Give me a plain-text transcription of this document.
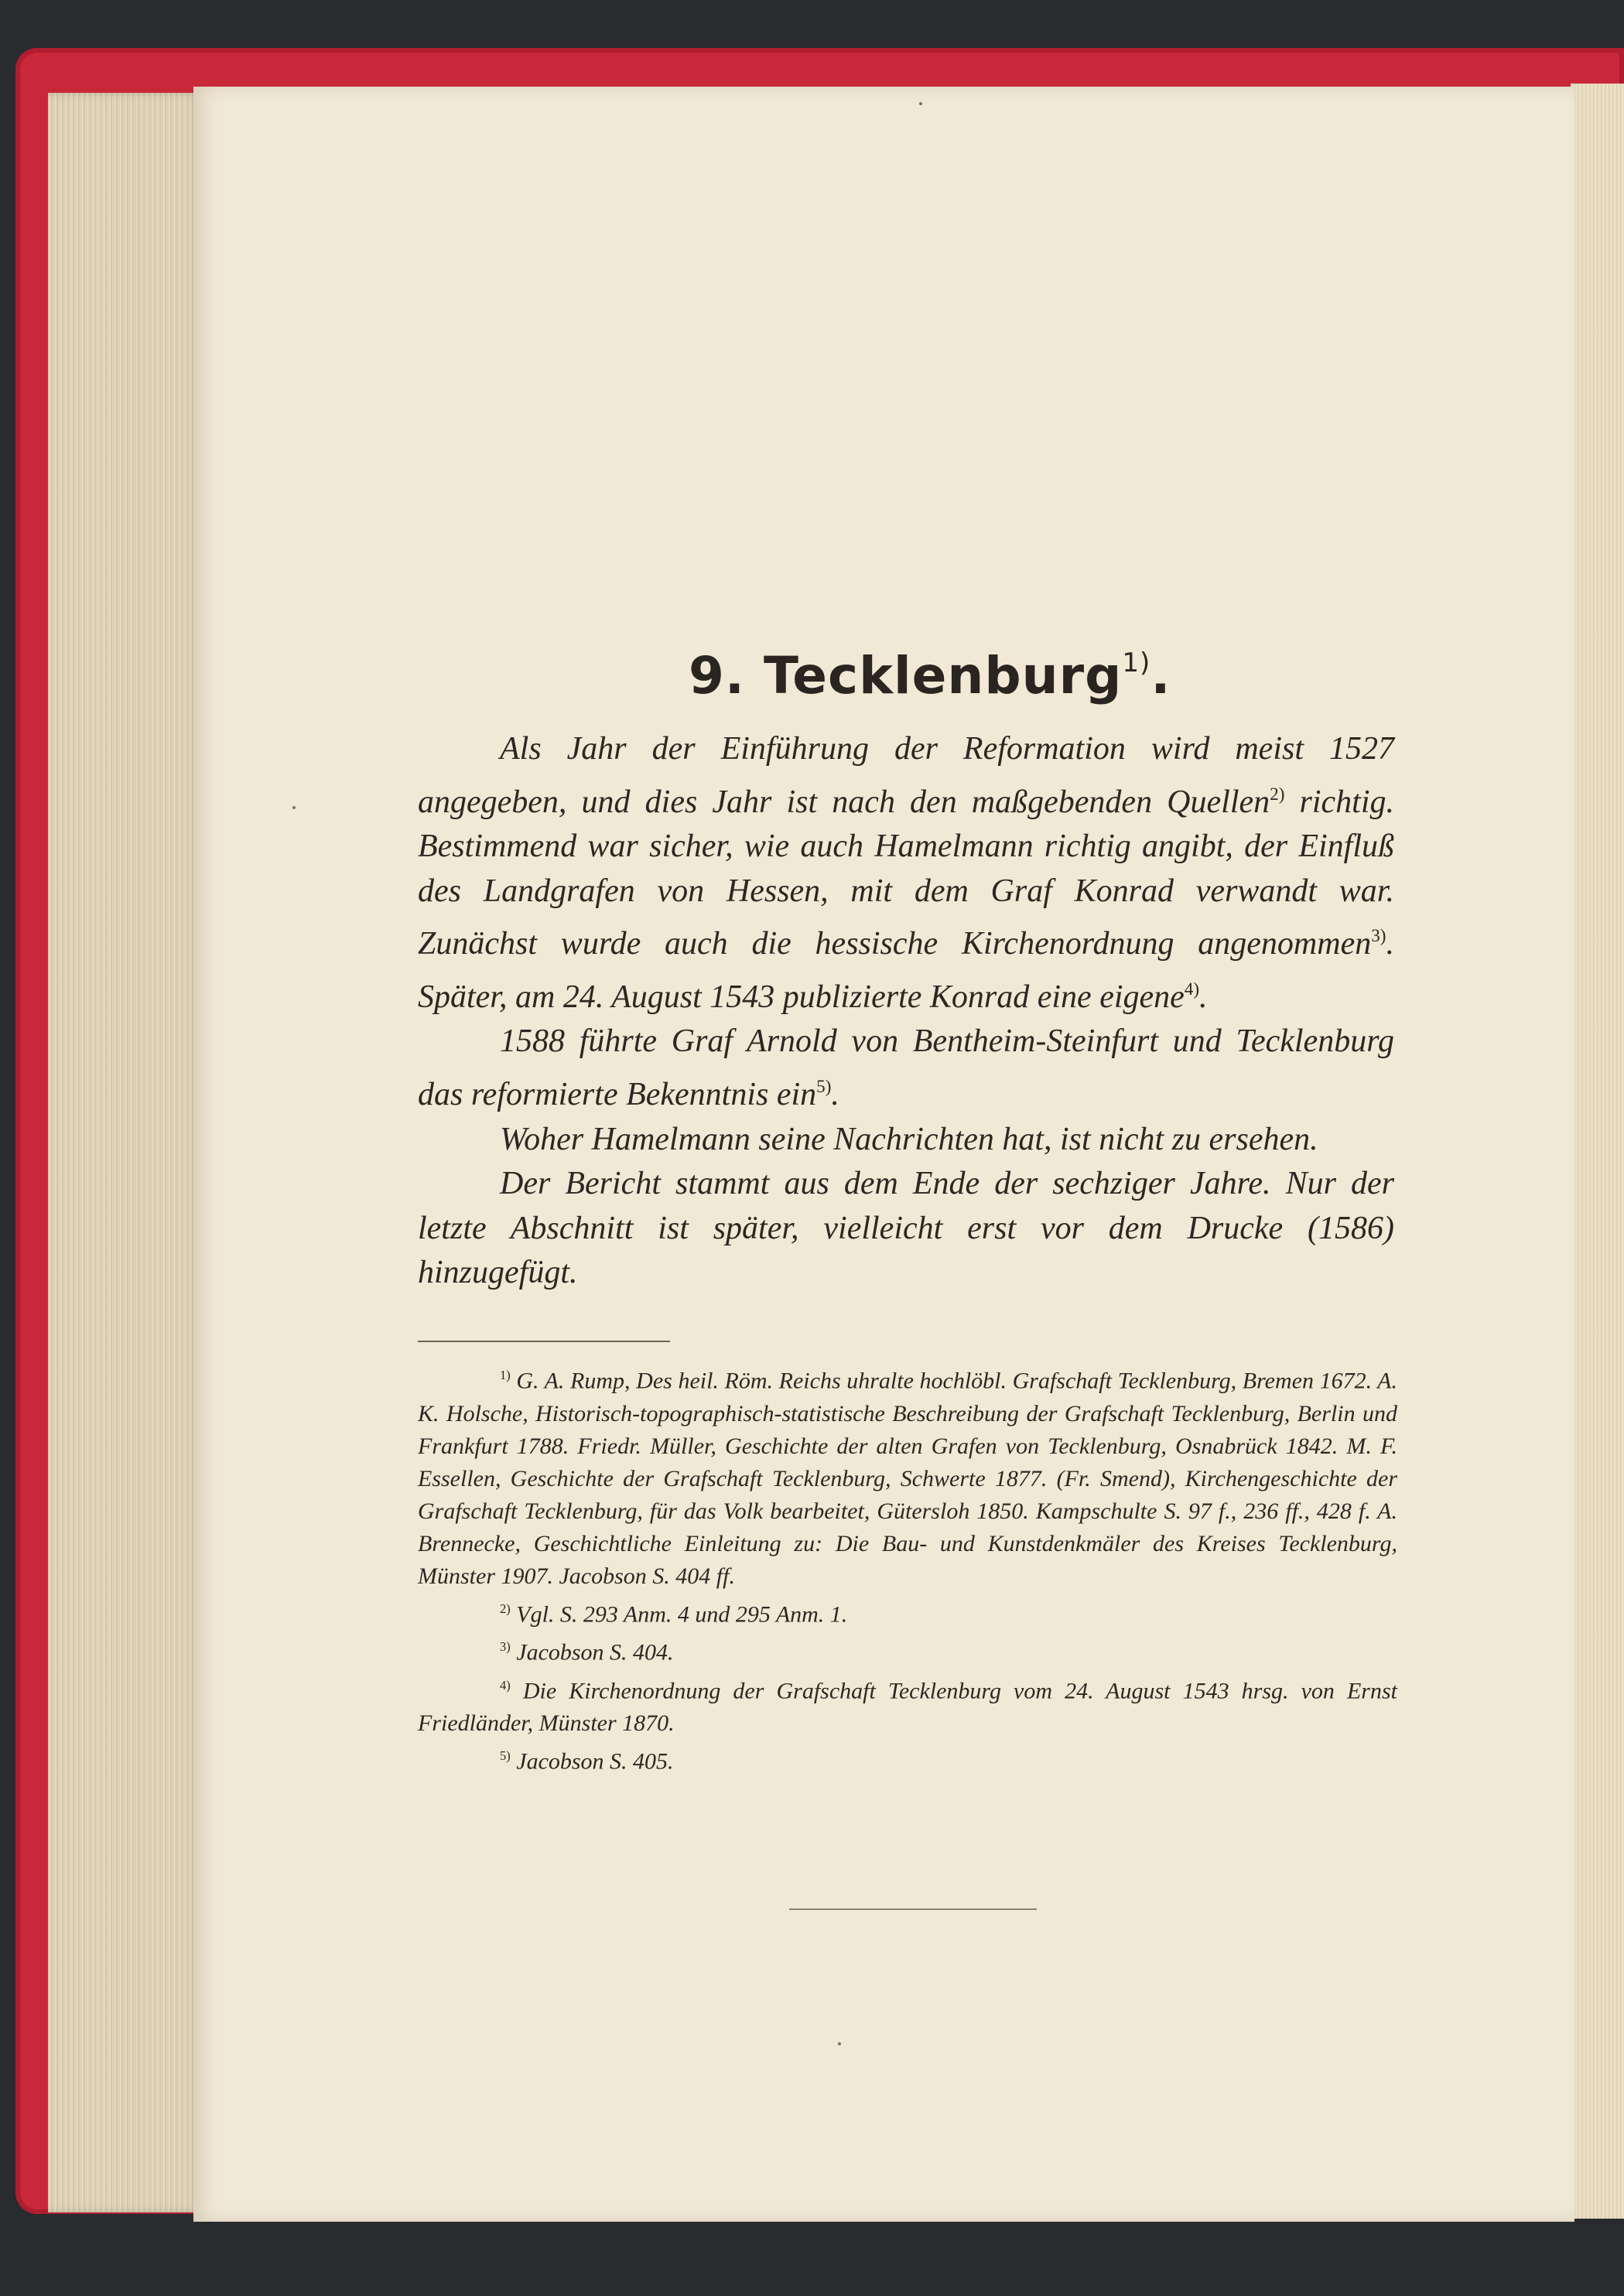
9. Tecklenburg$^{1)}$.

Als Jahr der Einführung der Reformation wird meist 1527 angegeben, und dies Jahr ist nach den maßgebenden Quellen$^{2)}$ richtig. Bestimmend war sicher, wie auch Hamelmann richtig angibt, der Einfluß des Landgrafen von Hessen, mit dem Graf Konrad verwandt war. Zunächst wurde auch die hessische Kirchenordnung angenommen$^{3)}$. Später, am 24. August 1543 publizierte Konrad eine eigene$^{4)}$.

1588 führte Graf Arnold von Bentheim-Steinfurt und Tecklenburg das reformierte Bekenntnis ein$^{5)}$.

Woher Hamelmann seine Nachrichten hat, ist nicht zu ersehen.

Der Bericht stammt aus dem Ende der sechziger Jahre. Nur der letzte Abschnitt ist später, vielleicht erst vor dem Drucke (1586) hinzugefügt.

$^{1)}$ G. A. Rump, Des heil. Röm. Reichs uhralte hochlöbl. Grafschaft Tecklenburg, Bremen 1672. A. K. Holsche, Historisch-topographisch-statistische Beschreibung der Grafschaft Tecklenburg, Berlin und Frankfurt 1788. Friedr. Müller, Geschichte der alten Grafen von Tecklenburg, Osnabrück 1842. M. F. Essellen, Geschichte der Grafschaft Tecklenburg, Schwerte 1877. (Fr. Smend), Kirchengeschichte der Grafschaft Tecklenburg, für das Volk bearbeitet, Gütersloh 1850. Kampschulte S. 97 f., 236 ff., 428 f. A. Brennecke, Geschichtliche Einleitung zu: Die Bau- und Kunstdenkmäler des Kreises Tecklenburg, Münster 1907. Jacobson S. 404 ff.

$^{2)}$ Vgl. S. 293 Anm. 4 und 295 Anm. 1.

$^{3)}$ Jacobson S. 404.

$^{4)}$ Die Kirchenordnung der Grafschaft Tecklenburg vom 24. August 1543 hrsg. von Ernst Friedländer, Münster 1870.

$^{5)}$ Jacobson S. 405.
